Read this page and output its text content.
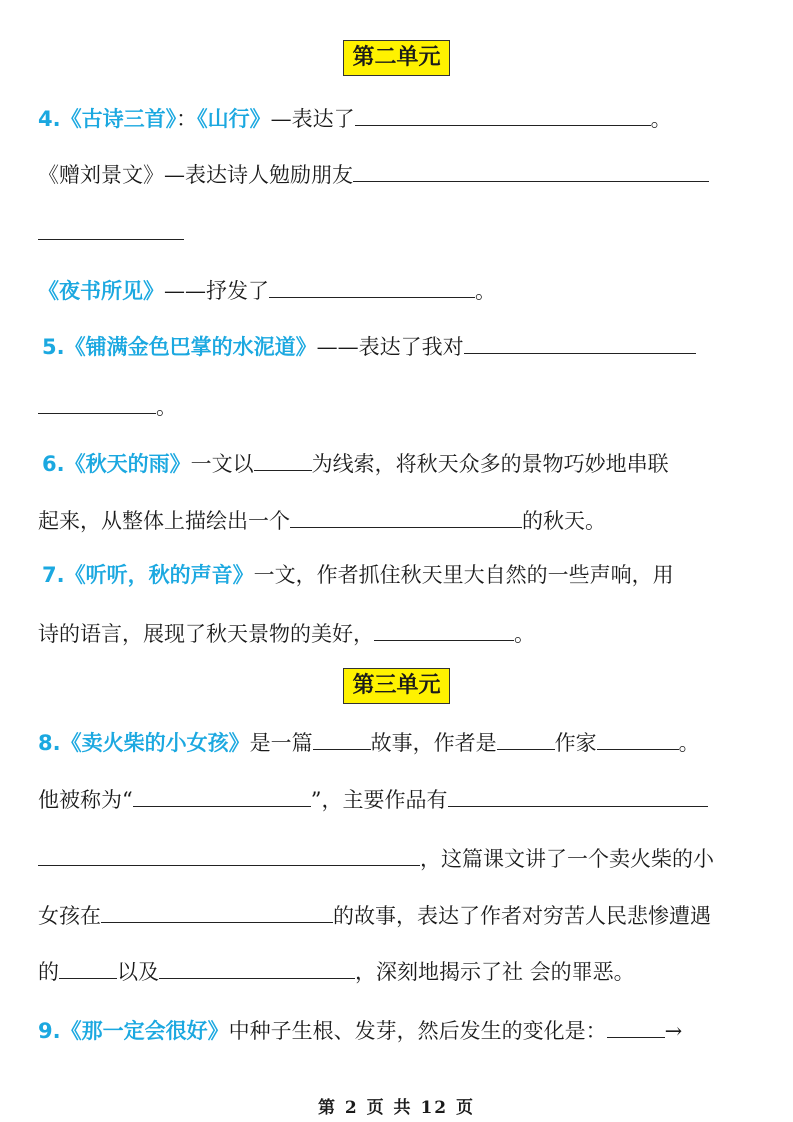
第二单元
4.《古诗三首》：《山行》—表达了	。
《赠刘景文》—表达诗人勉励朋友
《夜书所见》——抒发了	。
5.《铺满金色巴掌的水泥道》——表达了我对
。
6.《秋天的雨》一文以	为线索，将秋天众多的景物巧妙地串联
起来，从整体上描绘出一个	的秋天。
7.《听听，秋的声音》一文，作者抓住秋天里大自然的一些声响，用
诗的语言，展现了秋天景物的美好，	。
第三单元
8.《卖火柴的小女孩》是一篇	故事，作者是	作家	。
他被称为“	”，主要作品有
，这篇课文讲了一个卖火柴的小
女孩在	的故事，表达了作者对穷苦人民悲惨遭遇
的	以及	，深刻地揭示了社 会的罪恶。
9.《那一定会很好》中种子生根、发芽，然后发生的变化是：	→
第 2 页 共 12 页
